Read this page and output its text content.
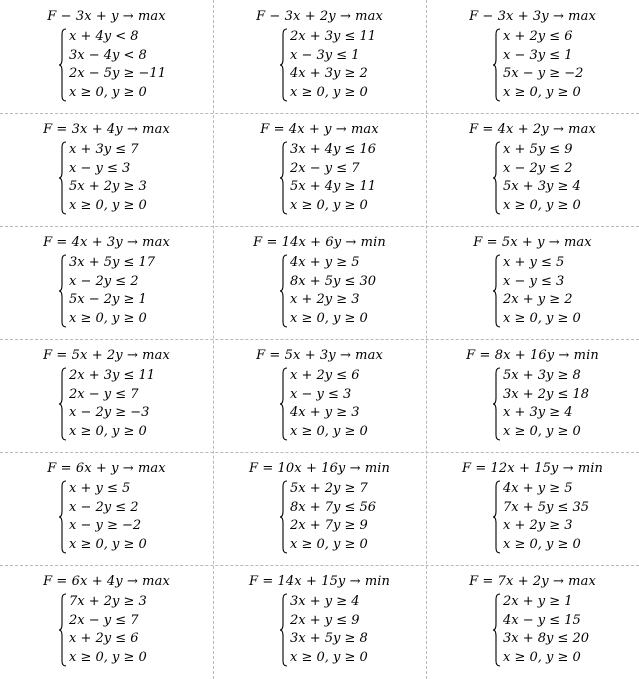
F − 3x + y → max
x + 4y < 8
3x − 4y < 8
2x − 5y ≥ −11
x ≥ 0, y ≥ 0
F − 3x + 2y → max
2x + 3y ≤ 11
x − 3y ≤ 1
4x + 3y ≥ 2
x ≥ 0, y ≥ 0
F − 3x + 3y → max
x + 2y ≤ 6
x − 3y ≤ 1
5x − y ≥ −2
x ≥ 0, y ≥ 0
F = 3x + 4y → max
x + 3y ≤ 7
x − y ≤ 3
5x + 2y ≥ 3
x ≥ 0, y ≥ 0
F = 4x + y → max
3x + 4y ≤ 16
2x − y ≤ 7
5x + 4y ≥ 11
x ≥ 0, y ≥ 0
F = 4x + 2y → max
x + 5y ≤ 9
x − 2y ≤ 2
5x + 3y ≥ 4
x ≥ 0, y ≥ 0
F = 4x + 3y → max
3x + 5y ≤ 17
x − 2y ≤ 2
5x − 2y ≥ 1
x ≥ 0, y ≥ 0
F = 14x + 6y → min
4x + y ≥ 5
8x + 5y ≤ 30
x + 2y ≥ 3
x ≥ 0, y ≥ 0
F = 5x + y → max
x + y ≤ 5
x − y ≤ 3
2x + y ≥ 2
x ≥ 0, y ≥ 0
F = 5x + 2y → max
2x + 3y ≤ 11
2x − y ≤ 7
x − 2y ≥ −3
x ≥ 0, y ≥ 0
F = 5x + 3y → max
x + 2y ≤ 6
x − y ≤ 3
4x + y ≥ 3
x ≥ 0, y ≥ 0
F = 8x + 16y → min
5x + 3y ≥ 8
3x + 2y ≤ 18
x + 3y ≥ 4
x ≥ 0, y ≥ 0
F = 6x + y → max
x + y ≤ 5
x − 2y ≤ 2
x − y ≥ −2
x ≥ 0, y ≥ 0
F = 10x + 16y → min
5x + 2y ≥ 7
8x + 7y ≤ 56
2x + 7y ≥ 9
x ≥ 0, y ≥ 0
F = 12x + 15y → min
4x + y ≥ 5
7x + 5y ≤ 35
x + 2y ≥ 3
x ≥ 0, y ≥ 0
F = 6x + 4y → max
7x + 2y ≥ 3
2x − y ≤ 7
x + 2y ≤ 6
x ≥ 0, y ≥ 0
F = 14x + 15y → min
3x + y ≥ 4
2x + y ≤ 9
3x + 5y ≥ 8
x ≥ 0, y ≥ 0
F = 7x + 2y → max
2x + y ≥ 1
4x − y ≤ 15
3x + 8y ≤ 20
x ≥ 0, y ≥ 0
